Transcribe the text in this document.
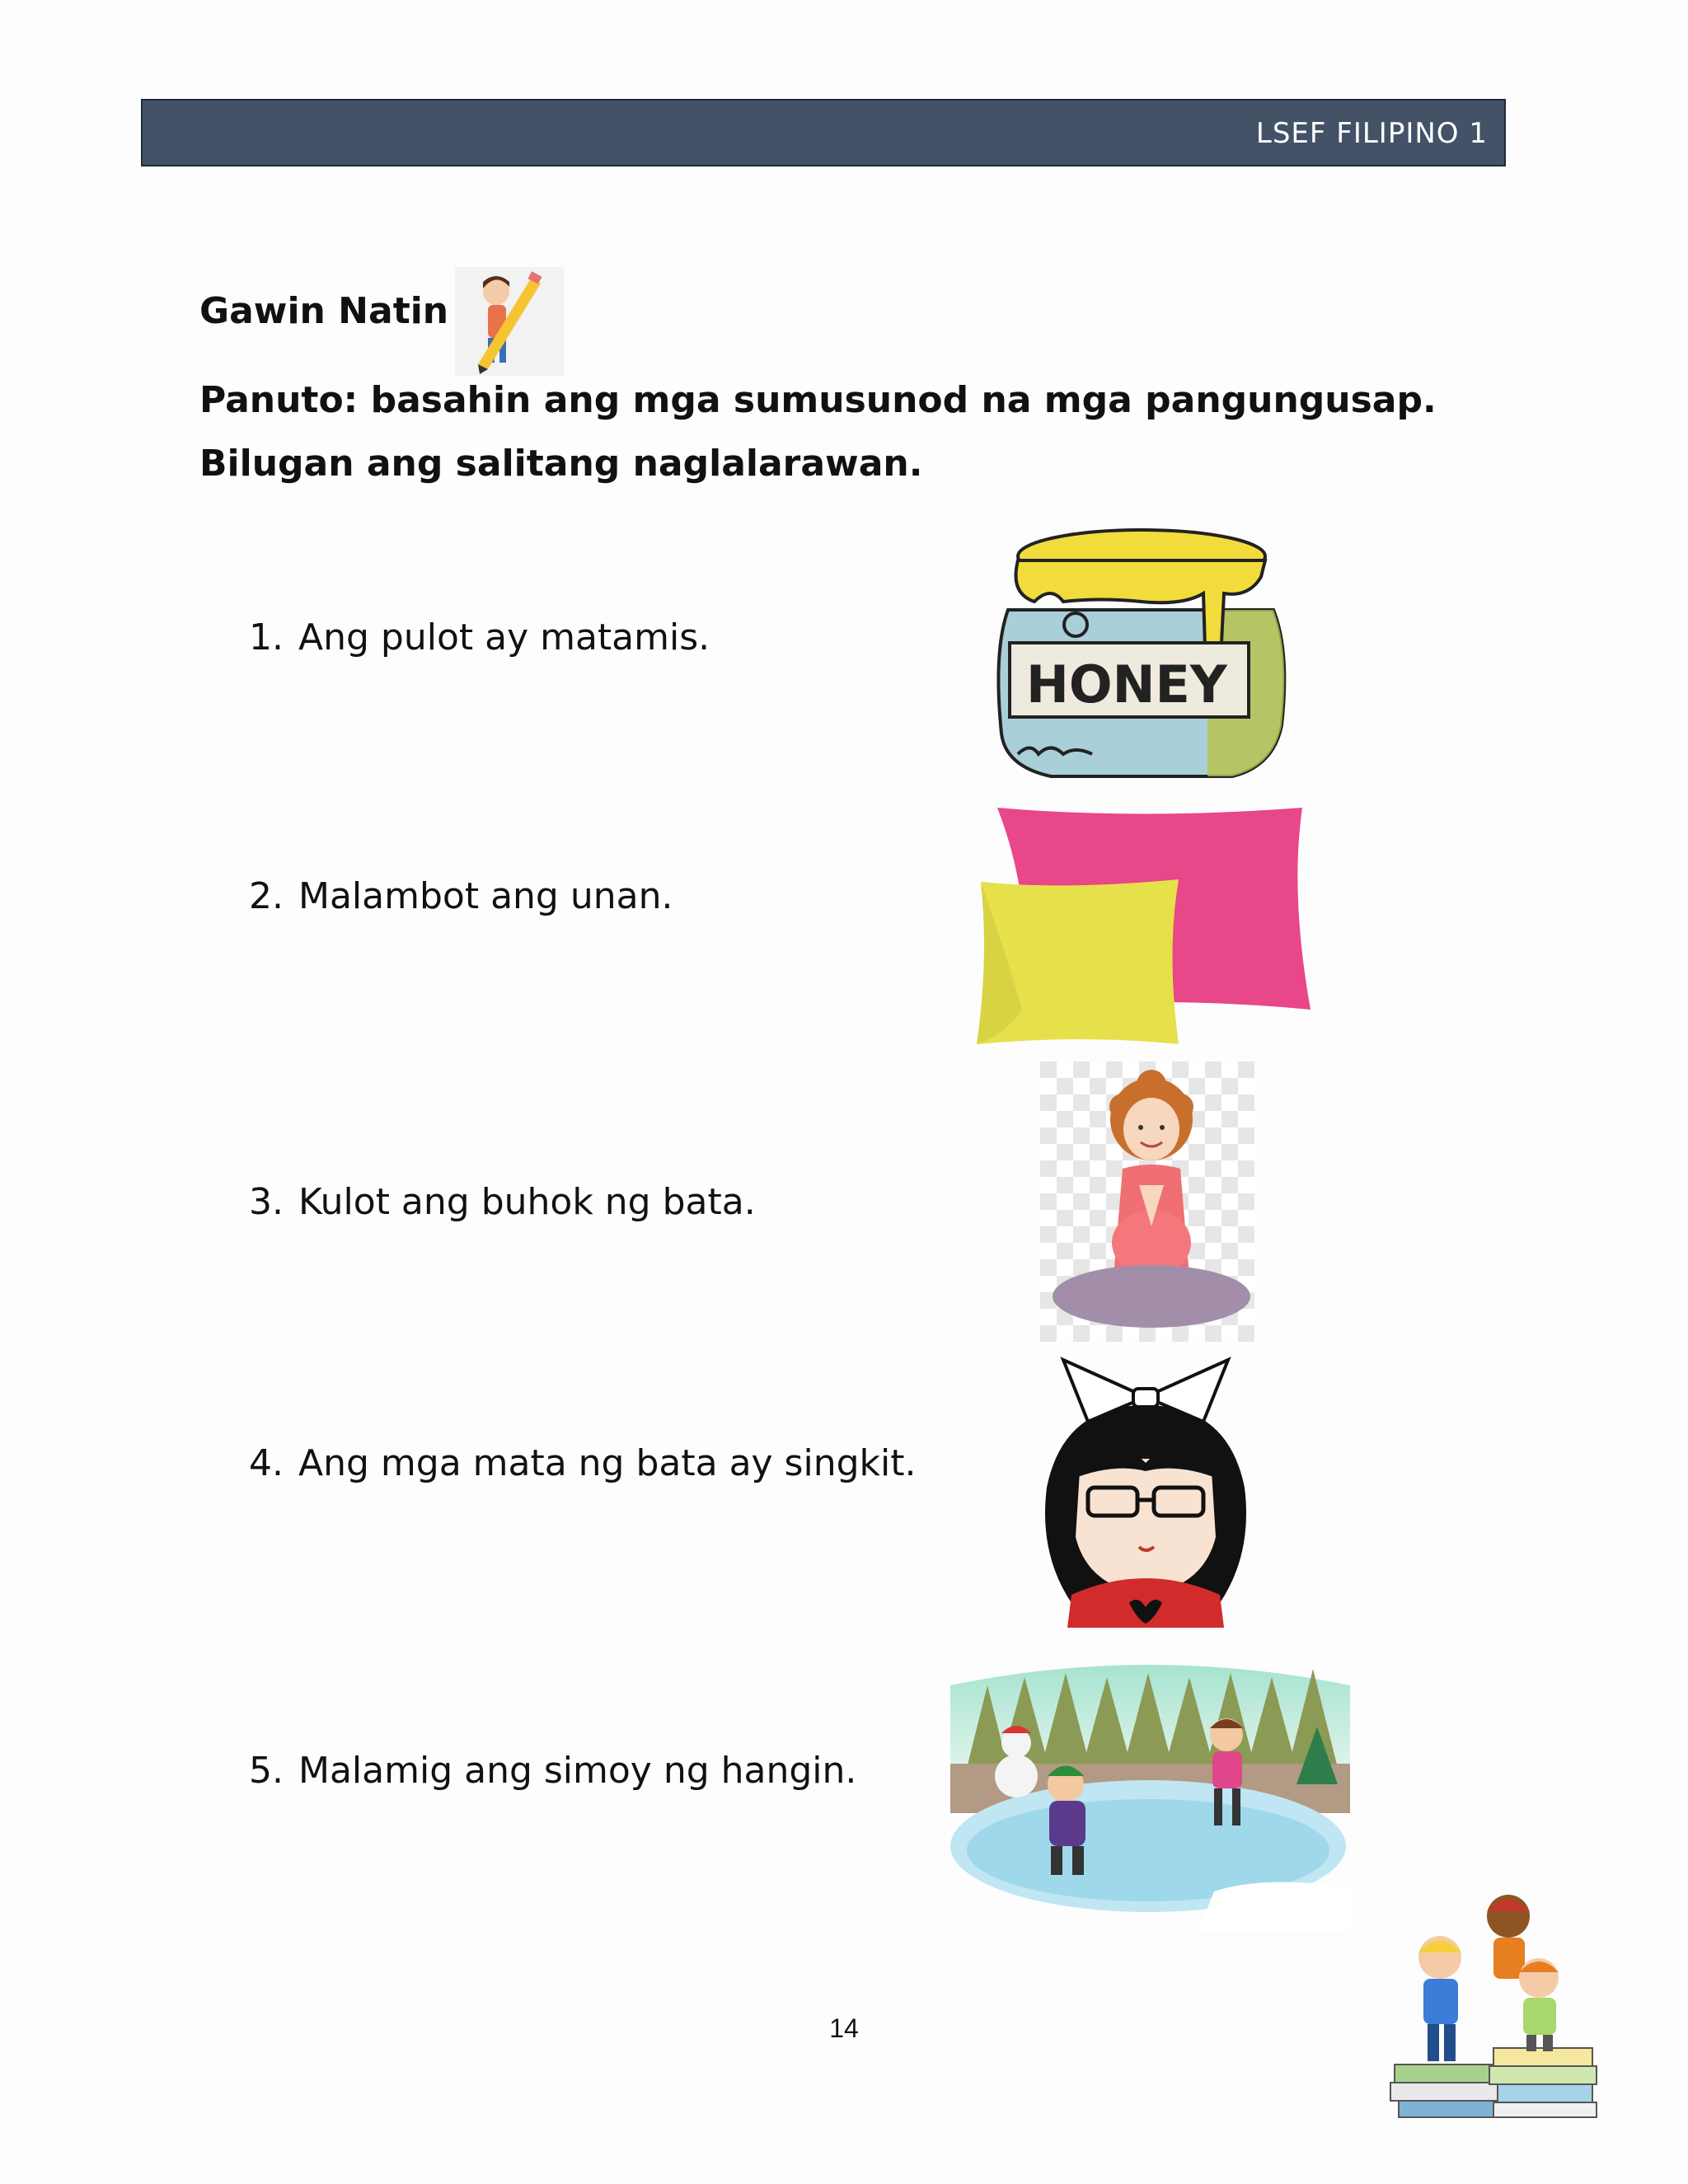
LSEF FILIPINO 1
Gawin Natin
Panuto: basahin ang mga sumusunod na mga pangungusap.
Bilugan ang salitang naglalarawan.
1. Ang pulot ay matamis.
HONEY
2. Malambot ang unan.
3. Kulot ang buhok ng bata.
4. Ang mga mata ng bata ay singkit.
5. Malamig ang simoy ng hangin.
14
